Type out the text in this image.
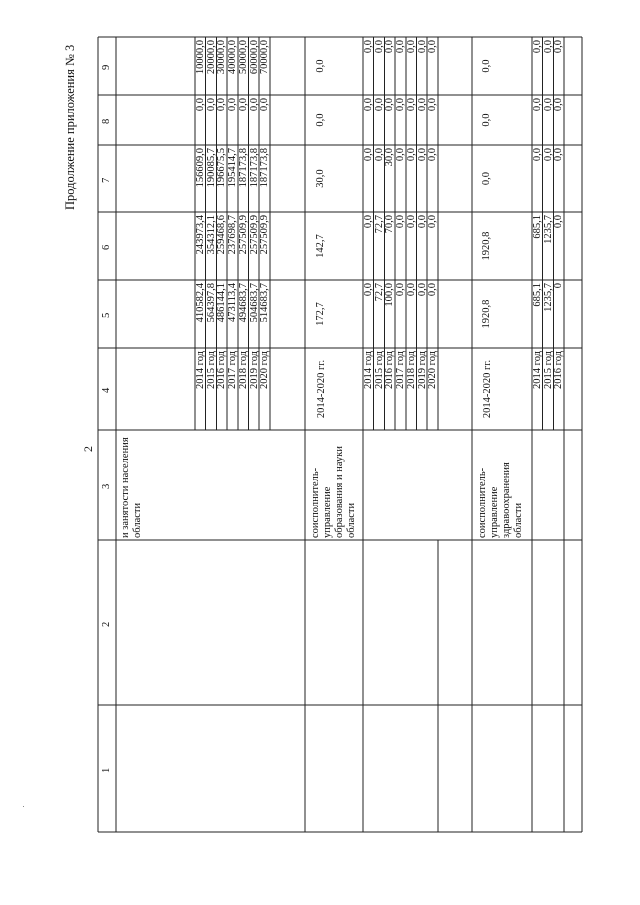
2
Продолжение приложения № 3
1
2
3
4
5
6
7
8
9
и занятости населения области	соисполнитель-управление образования и науки области	соисполнитель-управление здравоохранения области
2014 год
410582,4
243973,4
156609,0
0,0
10000,0
2015 год
564397,8
354312,1
190085,7
0,0
20000,0
2016 год
486144,1
259468,6
196675,5
0,0
30000,0
2017 год
473113,4
237698,7
195414,7
0,0
40000,0
2018 год
494683,7
257509,9
187173,8
0,0
50000,0
2019 год
504683,7
257509,9
187173,8
0,0
60000,0
2020 год
514683,7
257509,9
187173,8
0,0
70000,0
2014-2020 гг.
172,7
142,7
30,0
0,0
0,0
2014 год
0,0
0,0
0,0
0,0
0,0
2015 год
72,7
72,7
0,0
0,0
0,0
2016 год
100,0
70,0
30,0
0,0
0,0
2017 год
0,0
0,0
0,0
0,0
0,0
2018 год
0,0
0,0
0,0
0,0
0,0
2019 год
0,0
0,0
0,0
0,0
0,0
2020 год
0,0
0,0
0,0
0,0
0,0
2014-2020 гг.
1920,8
1920,8
0,0
0,0
0,0
2014 год
685,1
685,1
0,0
0,0
0,0
2015 год
1235,7
1235,7
0,0
0,0
0,0
2016 год
0
0,0
0,0
0,0
0,0
